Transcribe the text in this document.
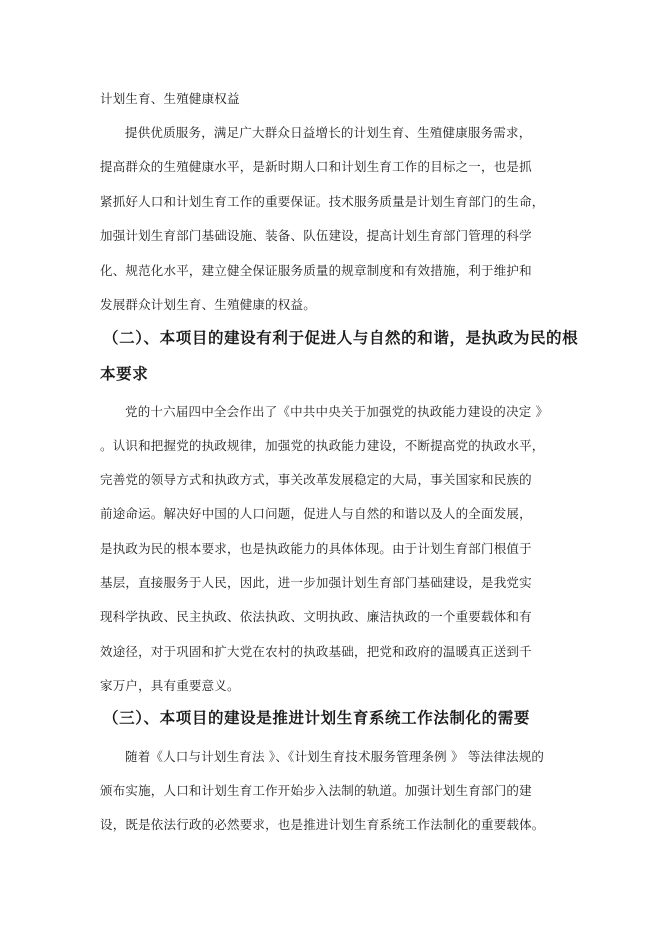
计划生育、生殖健康权益
提供优质服务，满足广大群众日益增长的计划生育、生殖健康服务需求，
提高群众的生殖健康水平，是新时期人口和计划生育工作的目标之一，也是抓
紧抓好人口和计划生育工作的重要保证。技术服务质量是计划生育部门的生命，
加强计划生育部门基础设施、装备、队伍建设，提高计划生育部门管理的科学
化、规范化水平，建立健全保证服务质量的规章制度和有效措施，利于维护和
发展群众计划生育、生殖健康的权益。
（二）、本项目的建设有利于促进人与自然的和谐，是执政为民的根
本要求
党的十六届四中全会作出了《中共中央关于加强党的执政能力建设的决定 》
。认识和把握党的执政规律，加强党的执政能力建设，不断提高党的执政水平，
完善党的领导方式和执政方式，事关改革发展稳定的大局，事关国家和民族的
前途命运。解决好中国的人口问题，促进人与自然的和谐以及人的全面发展，
是执政为民的根本要求，也是执政能力的具体体现。由于计划生育部门根值于
基层，直接服务于人民，因此，进一步加强计划生育部门基础建设，是我党实
现科学执政、民主执政、依法执政、文明执政、廉洁执政的一个重要载体和有
效途径，对于巩固和扩大党在农村的执政基础，把党和政府的温暖真正送到千
家万户，具有重要意义。
（三）、本项目的建设是推进计划生育系统工作法制化的需要
随着《人口与计划生育法 》、《计划生育技术服务管理条例 》 等法律法规的
颁布实施，人口和计划生育工作开始步入法制的轨道。加强计划生育部门的建
设，既是依法行政的必然要求，也是推进计划生育系统工作法制化的重要载体。
